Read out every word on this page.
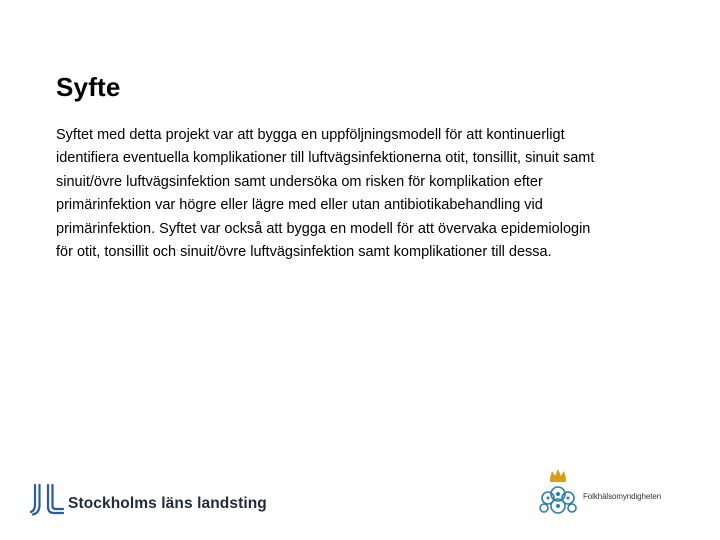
Syfte
Syftet med detta projekt var att bygga en uppföljningsmodell för att kontinuerligt
identifiera eventuella komplikationer till luftvägsinfektionerna otit, tonsillit, sinuit samt
sinuit/övre luftvägsinfektion samt undersöka om risken för komplikation efter
primärinfektion var högre eller lägre med eller utan antibiotikabehandling vid
primärinfektion. Syftet var också att bygga en modell för att övervaka epidemiologin
för otit, tonsillit och sinuit/övre luftvägsinfektion samt komplikationer till dessa.
Stockholms läns landsting	Folkhälsomyndigheten
